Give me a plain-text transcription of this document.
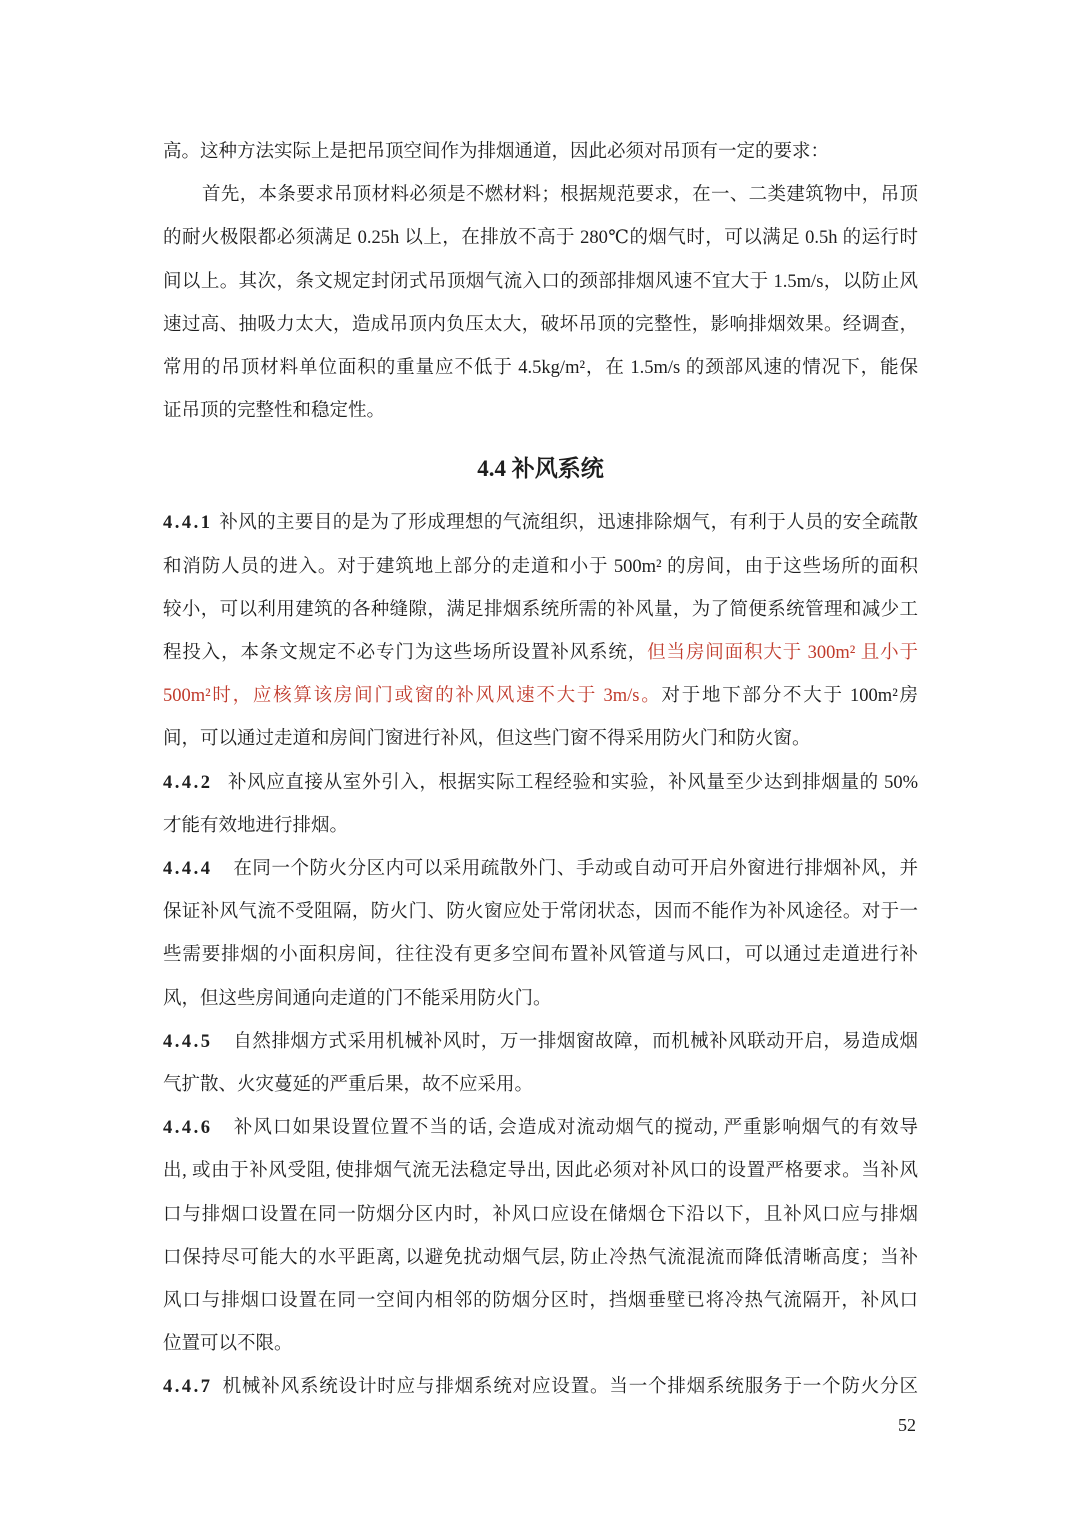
高。这种方法实际上是把吊顶空间作为排烟通道，因此必须对吊顶有一定的要求：
首先，本条要求吊顶材料必须是不燃材料；根据规范要求，在一、二类建筑物中，吊顶
的耐火极限都必须满足 0.25h 以上，在排放不高于 280℃的烟气时，可以满足 0.5h 的运行时
间以上。其次，条文规定封闭式吊顶烟气流入口的颈部排烟风速不宜大于 1.5m/s，以防止风
速过高、抽吸力太大，造成吊顶内负压太大，破坏吊顶的完整性，影响排烟效果。经调查，
常用的吊顶材料单位面积的重量应不低于 4.5kg/m²，在 1.5m/s 的颈部风速的情况下，能保
证吊顶的完整性和稳定性。
4.4 补风系统
4.4.1 补风的主要目的是为了形成理想的气流组织，迅速排除烟气，有利于人员的安全疏散
和消防人员的进入。对于建筑地上部分的走道和小于 500m² 的房间，由于这些场所的面积
较小，可以利用建筑的各种缝隙，满足排烟系统所需的补风量，为了简便系统管理和减少工
程投入，本条文规定不必专门为这些场所设置补风系统，但当房间面积大于 300m² 且小于
500m²时，应核算该房间门或窗的补风风速不大于 3m/s。对于地下部分不大于 100m²房
间，可以通过走道和房间门窗进行补风，但这些门窗不得采用防火门和防火窗。
4.4.2 补风应直接从室外引入，根据实际工程经验和实验，补风量至少达到排烟量的 50%
才能有效地进行排烟。
4.4.4 在同一个防火分区内可以采用疏散外门、手动或自动可开启外窗进行排烟补风，并
保证补风气流不受阻隔，防火门、防火窗应处于常闭状态，因而不能作为补风途径。对于一
些需要排烟的小面积房间，往往没有更多空间布置补风管道与风口，可以通过走道进行补
风，但这些房间通向走道的门不能采用防火门。
4.4.5 自然排烟方式采用机械补风时，万一排烟窗故障，而机械补风联动开启，易造成烟
气扩散、火灾蔓延的严重后果，故不应采用。
4.4.6 补风口如果设置位置不当的话, 会造成对流动烟气的搅动, 严重影响烟气的有效导
出, 或由于补风受阻, 使排烟气流无法稳定导出, 因此必须对补风口的设置严格要求。当补风
口与排烟口设置在同一防烟分区内时，补风口应设在储烟仓下沿以下，且补风口应与排烟
口保持尽可能大的水平距离, 以避免扰动烟气层, 防止冷热气流混流而降低清晰高度；当补
风口与排烟口设置在同一空间内相邻的防烟分区时，挡烟垂壁已将冷热气流隔开，补风口
位置可以不限。
4.4.7 机械补风系统设计时应与排烟系统对应设置。当一个排烟系统服务于一个防火分区
52
